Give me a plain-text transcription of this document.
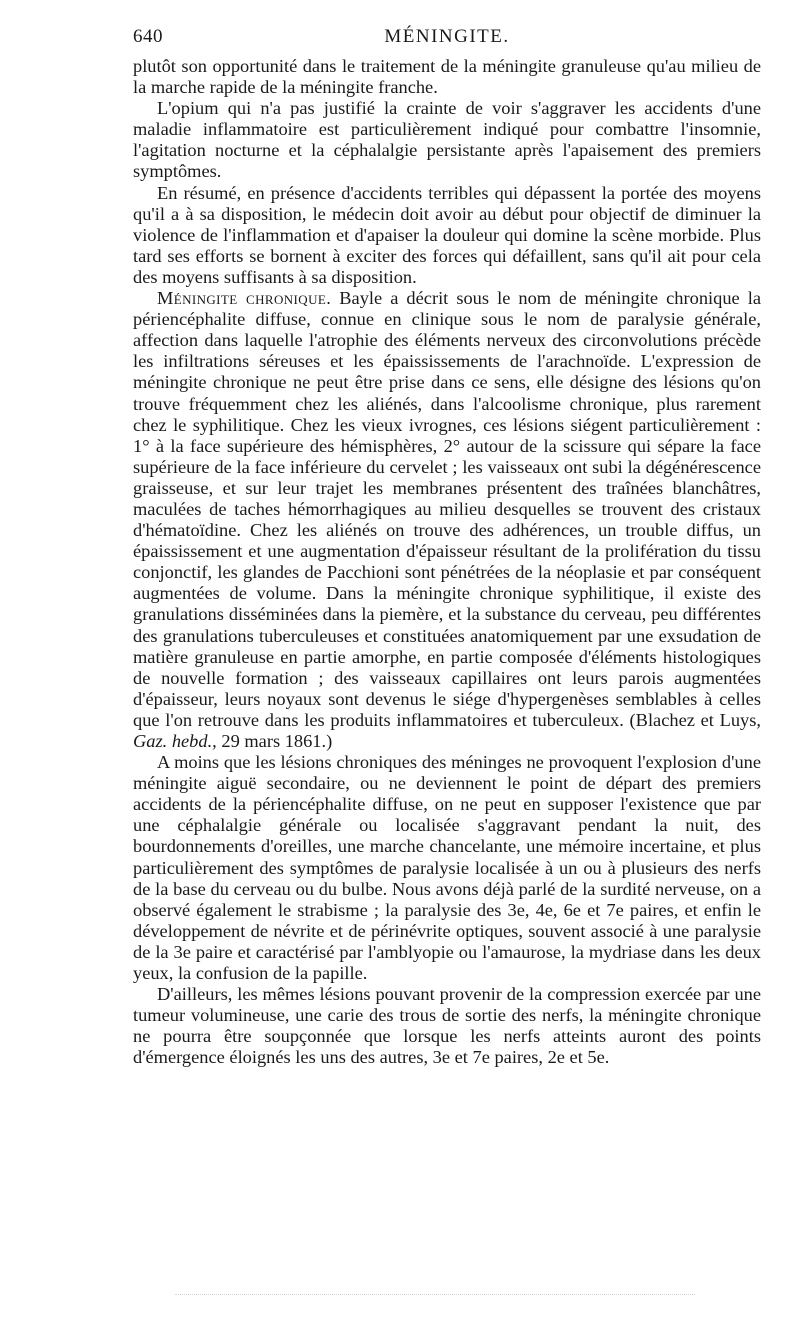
640	MÉNINGITE.

plutôt son opportunité dans le traitement de la méningite granuleuse qu'au milieu de la marche rapide de la méningite franche.

L'opium qui n'a pas justifié la crainte de voir s'aggraver les accidents d'une maladie inflammatoire est particulièrement indiqué pour combattre l'insomnie, l'agitation nocturne et la céphalalgie persistante après l'apaisement des premiers symptômes.

En résumé, en présence d'accidents terribles qui dépassent la portée des moyens qu'il a à sa disposition, le médecin doit avoir au début pour objectif de diminuer la violence de l'inflammation et d'apaiser la douleur qui domine la scène morbide. Plus tard ses efforts se bornent à exciter des forces qui défaillent, sans qu'il ait pour cela des moyens suffisants à sa disposition.

Méningite chronique. Bayle a décrit sous le nom de méningite chronique la périencéphalite diffuse, connue en clinique sous le nom de paralysie générale, affection dans laquelle l'atrophie des éléments nerveux des circonvolutions précède les infiltrations séreuses et les épaississements de l'arachnoïde. L'expression de méningite chronique ne peut être prise dans ce sens, elle désigne des lésions qu'on trouve fréquemment chez les aliénés, dans l'alcoolisme chronique, plus rarement chez le syphilitique. Chez les vieux ivrognes, ces lésions siégent particulièrement : 1° à la face supérieure des hémisphères, 2° autour de la scissure qui sépare la face supérieure de la face inférieure du cervelet ; les vaisseaux ont subi la dégénérescence graisseuse, et sur leur trajet les membranes présentent des traînées blanchâtres, maculées de taches hémorrhagiques au milieu desquelles se trouvent des cristaux d'hématoïdine. Chez les aliénés on trouve des adhérences, un trouble diffus, un épaississement et une augmentation d'épaisseur résultant de la prolifération du tissu conjonctif, les glandes de Pacchioni sont pénétrées de la néoplasie et par conséquent augmentées de volume. Dans la méningite chronique syphilitique, il existe des granulations disséminées dans la piemère, et la substance du cerveau, peu différentes des granulations tuberculeuses et constituées anatomiquement par une exsudation de matière granuleuse en partie amorphe, en partie composée d'éléments histologiques de nouvelle formation ; des vaisseaux capillaires ont leurs parois augmentées d'épaisseur, leurs noyaux sont devenus le siége d'hypergenèses semblables à celles que l'on retrouve dans les produits inflammatoires et tuberculeux. (Blachez et Luys, Gaz. hebd., 29 mars 1861.)

A moins que les lésions chroniques des méninges ne provoquent l'explosion d'une méningite aiguë secondaire, ou ne deviennent le point de départ des premiers accidents de la périencéphalite diffuse, on ne peut en supposer l'existence que par une céphalalgie générale ou localisée s'aggravant pendant la nuit, des bourdonnements d'oreilles, une marche chancelante, une mémoire incertaine, et plus particulièrement des symptômes de paralysie localisée à un ou à plusieurs des nerfs de la base du cerveau ou du bulbe. Nous avons déjà parlé de la surdité nerveuse, on a observé également le strabisme ; la paralysie des 3e, 4e, 6e et 7e paires, et enfin le développement de névrite et de périnévrite optiques, souvent associé à une paralysie de la 3e paire et caractérisé par l'amblyopie ou l'amaurose, la mydriase dans les deux yeux, la confusion de la papille.

D'ailleurs, les mêmes lésions pouvant provenir de la compression exercée par une tumeur volumineuse, une carie des trous de sortie des nerfs, la méningite chronique ne pourra être soupçonnée que lorsque les nerfs atteints auront des points d'émergence éloignés les uns des autres, 3e et 7e paires, 2e et 5e.
